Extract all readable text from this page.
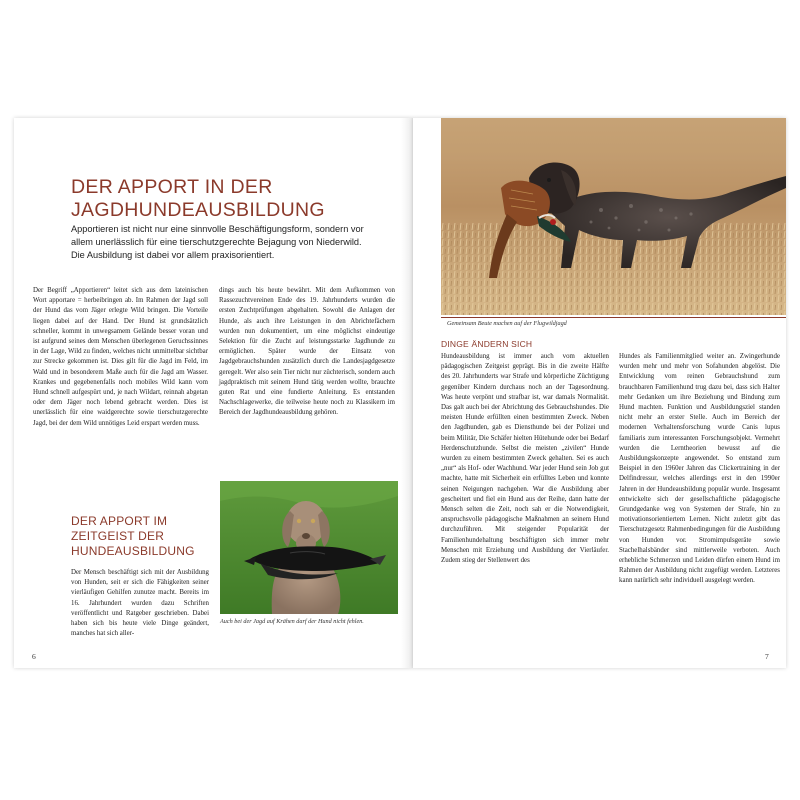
DER APPORT IN DER JAGDHUNDEAUSBILDUNG

Apportieren ist nicht nur eine sinnvolle Beschäftigungsform, sondern vor allem unerlässlich für eine tierschutzgerechte Bejagung von Niederwild. Die Ausbildung ist dabei vor allem praxisorientiert.

Der Begriff „Apportieren“ leitet sich aus dem lateinischen Wort apportare = herbeibringen ab. Im Rahmen der Jagd soll der Hund das vom Jäger erlegte Wild bringen. Die Vorteile liegen dabei auf der Hand. Der Hund ist grundsätzlich schneller, kommt in unwegsamem Gelände besser voran und ist aufgrund seines dem Menschen überlegenen Geruchssinnes in der Lage, Wild zu finden, welches nicht unmittelbar sichtbar zur Strecke gekommen ist. Dies gilt für die Jagd im Feld, im Wald und in besonderem Maße auch für die Jagd am Wasser. Krankes und gegebenenfalls noch mobiles Wild kann vom Hund schnell aufgespürt und, je nach Wildart, reinnah abgetan oder dem Jäger noch lebend gebracht werden. Dies ist unerlässlich für eine waidgerechte sowie tierschutzgerechte Jagd, bei der dem Wild unnötiges Leid erspart werden muss.

dings auch bis heute bewährt. Mit dem Aufkommen von Rassezuchtvereinen Ende des 19. Jahrhunderts wurden die ersten Zuchtprüfungen abgehalten. Sowohl die Anlagen der Hunde, als auch ihre Leistungen in den Abrichtefächern wurden nun dokumentiert, um eine möglichst eindeutige Selektion für die Zucht auf leistungsstarke Jagdhunde zu ermöglichen. Später wurde der Einsatz von Jagdgebrauchshunden zusätzlich durch die Landesjagdgesetze geregelt. Wer also sein Tier nicht nur züchterisch, sondern auch jagdpraktisch mit seinem Hund tätig werden wollte, brauchte guten Rat und eine fundierte Anleitung. Es entstanden Nachschlagewerke, die teilweise heute noch zu Klassikern im Bereich der Jagdhundeausbildung gehören.

DER APPORT IM ZEITGEIST DER HUNDEAUSBILDUNG

Der Mensch beschäftigt sich mit der Ausbildung von Hunden, seit er sich die Fähigkeiten seiner vierläufigen Gehilfen zunutze macht. Bereits im 16. Jahrhundert wurden dazu Schriften veröffentlicht und Ratgeber geschrieben. Dabei haben sich bis heute viele Dinge geändert, manches hat sich aller-

Auch bei der Jagd auf Krähen darf der Hund nicht fehlen.
6
Gemeinsam Beute machen auf der Flugwildjagd
DINGE ÄNDERN SICH

Hundeausbildung ist immer auch vom aktuellen pädagogischen Zeitgeist geprägt. Bis in die zweite Hälfte des 20. Jahrhunderts war Strafe und körperliche Züchtigung gegenüber Kindern durchaus noch an der Tagesordnung. Was heute verpönt und strafbar ist, war damals Normalität. Das galt auch bei der Abrichtung des Gebrauchshundes. Die meisten Hunde erfüllten einen bestimmten Zweck. Neben den Jagdhunden, gab es Diensthunde bei der Polizei und beim Militär, Die Schäfer hielten Hütehunde oder bei Bedarf Herdenschutzhunde. Selbst die meisten „zivilen“ Hunde wurden zu einem bestimmten Zweck gehalten. Sei es auch „nur“ als Hof- oder Wachhund. War jeder Hund sein Job gut machte, hatte mit Sicherheit ein erfülltes Leben und konnte seinen Neigungen nachgehen. War die Ausbildung aber gescheitert und fiel ein Hund aus der Reihe, dann hatte der Mensch selten die Zeit, noch sah er die Notwendigkeit, anspruchsvolle pädagogische Maßnahmen an seinem Hund durchzuführen. Mit steigender Popularität der Familienhundehaltung beschäftigten sich immer mehr Menschen mit Erziehung und Ausbildung der Vierläufer. Zudem stieg der Stellenwert des

Hundes als Familienmitglied weiter an. Zwingerhunde wurden mehr und mehr von Sofahunden abgelöst. Die Entwicklung vom reinen Gebrauchshund zum brauchbaren Familienhund trug dazu bei, dass sich Halter mehr Gedanken um ihre Beziehung und Bindung zum Hund machten. Funktion und Ausbildungsziel standen nicht mehr an erster Stelle. Auch im Bereich der modernen Verhaltensforschung wurde Canis lupus familiaris zum interessanten Forschungsobjekt. Vermehrt wurden die Lerntheorien bewusst auf die Ausbildungskonzepte angewendet. So entstand zum Beispiel in den 1960er Jahren das Clickertraining in der Delfindressur, welches allerdings erst in den 1990er Jahren in der Hundeausbildung populär wurde. Insgesamt entwickelte sich der gesellschaftliche pädagogische Grundgedanke weg von Systemen der Strafe, hin zu motivationsorientiertem Lernen. Nicht zuletzt gibt das Tierschutzgesetz Rahmenbedingungen für die Ausbildung von Hunden vor. Stromimpulsgeräte sowie Stachelhalsbänder sind mittlerweile verboten. Auch erhebliche Schmerzen und Leiden dürfen einem Hund im Rahmen der Ausbildung nicht zugefügt werden. Letzteres kann natürlich sehr individuell ausgelegt werden.

7
